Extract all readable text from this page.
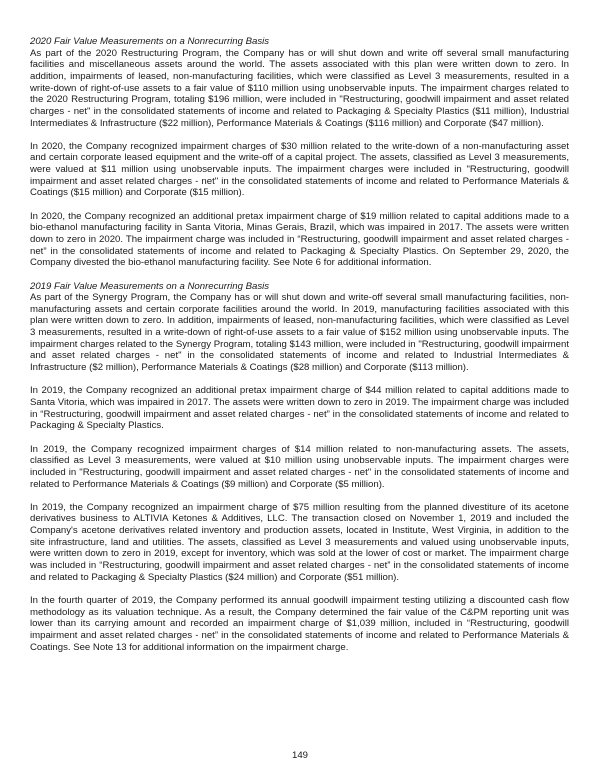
2020 Fair Value Measurements on a Nonrecurring Basis

As part of the 2020 Restructuring Program, the Company has or will shut down and write off several small manufacturing facilities and miscellaneous assets around the world. The assets associated with this plan were written down to zero. In addition, impairments of leased, non-manufacturing facilities, which were classified as Level 3 measurements, resulted in a write-down of right-of-use assets to a fair value of $110 million using unobservable inputs. The impairment charges related to the 2020 Restructuring Program, totaling $196 million, were included in "Restructuring, goodwill impairment and asset related charges - net" in the consolidated statements of income and related to Packaging & Specialty Plastics ($11 million), Industrial Intermediates & Infrastructure ($22 million), Performance Materials & Coatings ($116 million) and Corporate ($47 million).

In 2020, the Company recognized impairment charges of $30 million related to the write-down of a non-manufacturing asset and certain corporate leased equipment and the write-off of a capital project. The assets, classified as Level 3 measurements, were valued at $11 million using unobservable inputs. The impairment charges were included in "Restructuring, goodwill impairment and asset related charges - net" in the consolidated statements of income and related to Performance Materials & Coatings ($15 million) and Corporate ($15 million).

In 2020, the Company recognized an additional pretax impairment charge of $19 million related to capital additions made to a bio-ethanol manufacturing facility in Santa Vitoria, Minas Gerais, Brazil, which was impaired in 2017. The assets were written down to zero in 2020. The impairment charge was included in “Restructuring, goodwill impairment and asset related charges - net” in the consolidated statements of income and related to Packaging & Specialty Plastics. On September 29, 2020, the Company divested the bio-ethanol manufacturing facility. See Note 6 for additional information.

2019 Fair Value Measurements on a Nonrecurring Basis

As part of the Synergy Program, the Company has or will shut down and write-off several small manufacturing facilities, non-manufacturing assets and certain corporate facilities around the world. In 2019, manufacturing facilities associated with this plan were written down to zero. In addition, impairments of leased, non-manufacturing facilities, which were classified as Level 3 measurements, resulted in a write-down of right-of-use assets to a fair value of $152 million using unobservable inputs. The impairment charges related to the Synergy Program, totaling $143 million, were included in "Restructuring, goodwill impairment and asset related charges - net" in the consolidated statements of income and related to Industrial Intermediates & Infrastructure ($2 million), Performance Materials & Coatings ($28 million) and Corporate ($113 million).

In 2019, the Company recognized an additional pretax impairment charge of $44 million related to capital additions made to Santa Vitoria, which was impaired in 2017. The assets were written down to zero in 2019. The impairment charge was included in “Restructuring, goodwill impairment and asset related charges - net” in the consolidated statements of income and related to Packaging & Specialty Plastics.

In 2019, the Company recognized impairment charges of $14 million related to non-manufacturing assets. The assets, classified as Level 3 measurements, were valued at $10 million using unobservable inputs. The impairment charges were included in "Restructuring, goodwill impairment and asset related charges - net" in the consolidated statements of income and related to Performance Materials & Coatings ($9 million) and Corporate ($5 million).

In 2019, the Company recognized an impairment charge of $75 million resulting from the planned divestiture of its acetone derivatives business to ALTIVIA Ketones & Additives, LLC. The transaction closed on November 1, 2019 and included the Company's acetone derivatives related inventory and production assets, located in Institute, West Virginia, in addition to the site infrastructure, land and utilities. The assets, classified as Level 3 measurements and valued using unobservable inputs, were written down to zero in 2019, except for inventory, which was sold at the lower of cost or market. The impairment charge was included in “Restructuring, goodwill impairment and asset related charges - net” in the consolidated statements of income and related to Packaging & Specialty Plastics ($24 million) and Corporate ($51 million).

In the fourth quarter of 2019, the Company performed its annual goodwill impairment testing utilizing a discounted cash flow methodology as its valuation technique. As a result, the Company determined the fair value of the C&PM reporting unit was lower than its carrying amount and recorded an impairment charge of $1,039 million, included in “Restructuring, goodwill impairment and asset related charges - net” in the consolidated statements of income and related to Performance Materials & Coatings. See Note 13 for additional information on the impairment charge.

149
